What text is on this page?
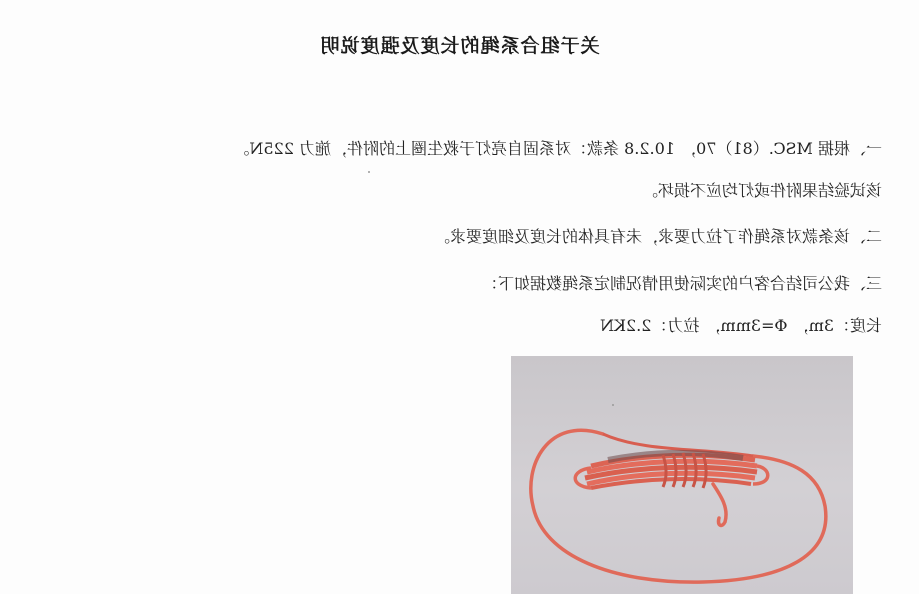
关于组合系绳的长度及强度说明
一、根据 MSC.（81）70， 10.2.8 条款：对系固自亮灯于救生圈上的附件，施力 225N。
该试验结果附件或灯均应不损坏。
二、该条款对系绳作了拉力要求，未有具体的长度及细度要求。
三、我公司结合客户的实际使用情况制定系绳数据如下：
长度：3m， Φ=3mm， 拉力：2.2KN
